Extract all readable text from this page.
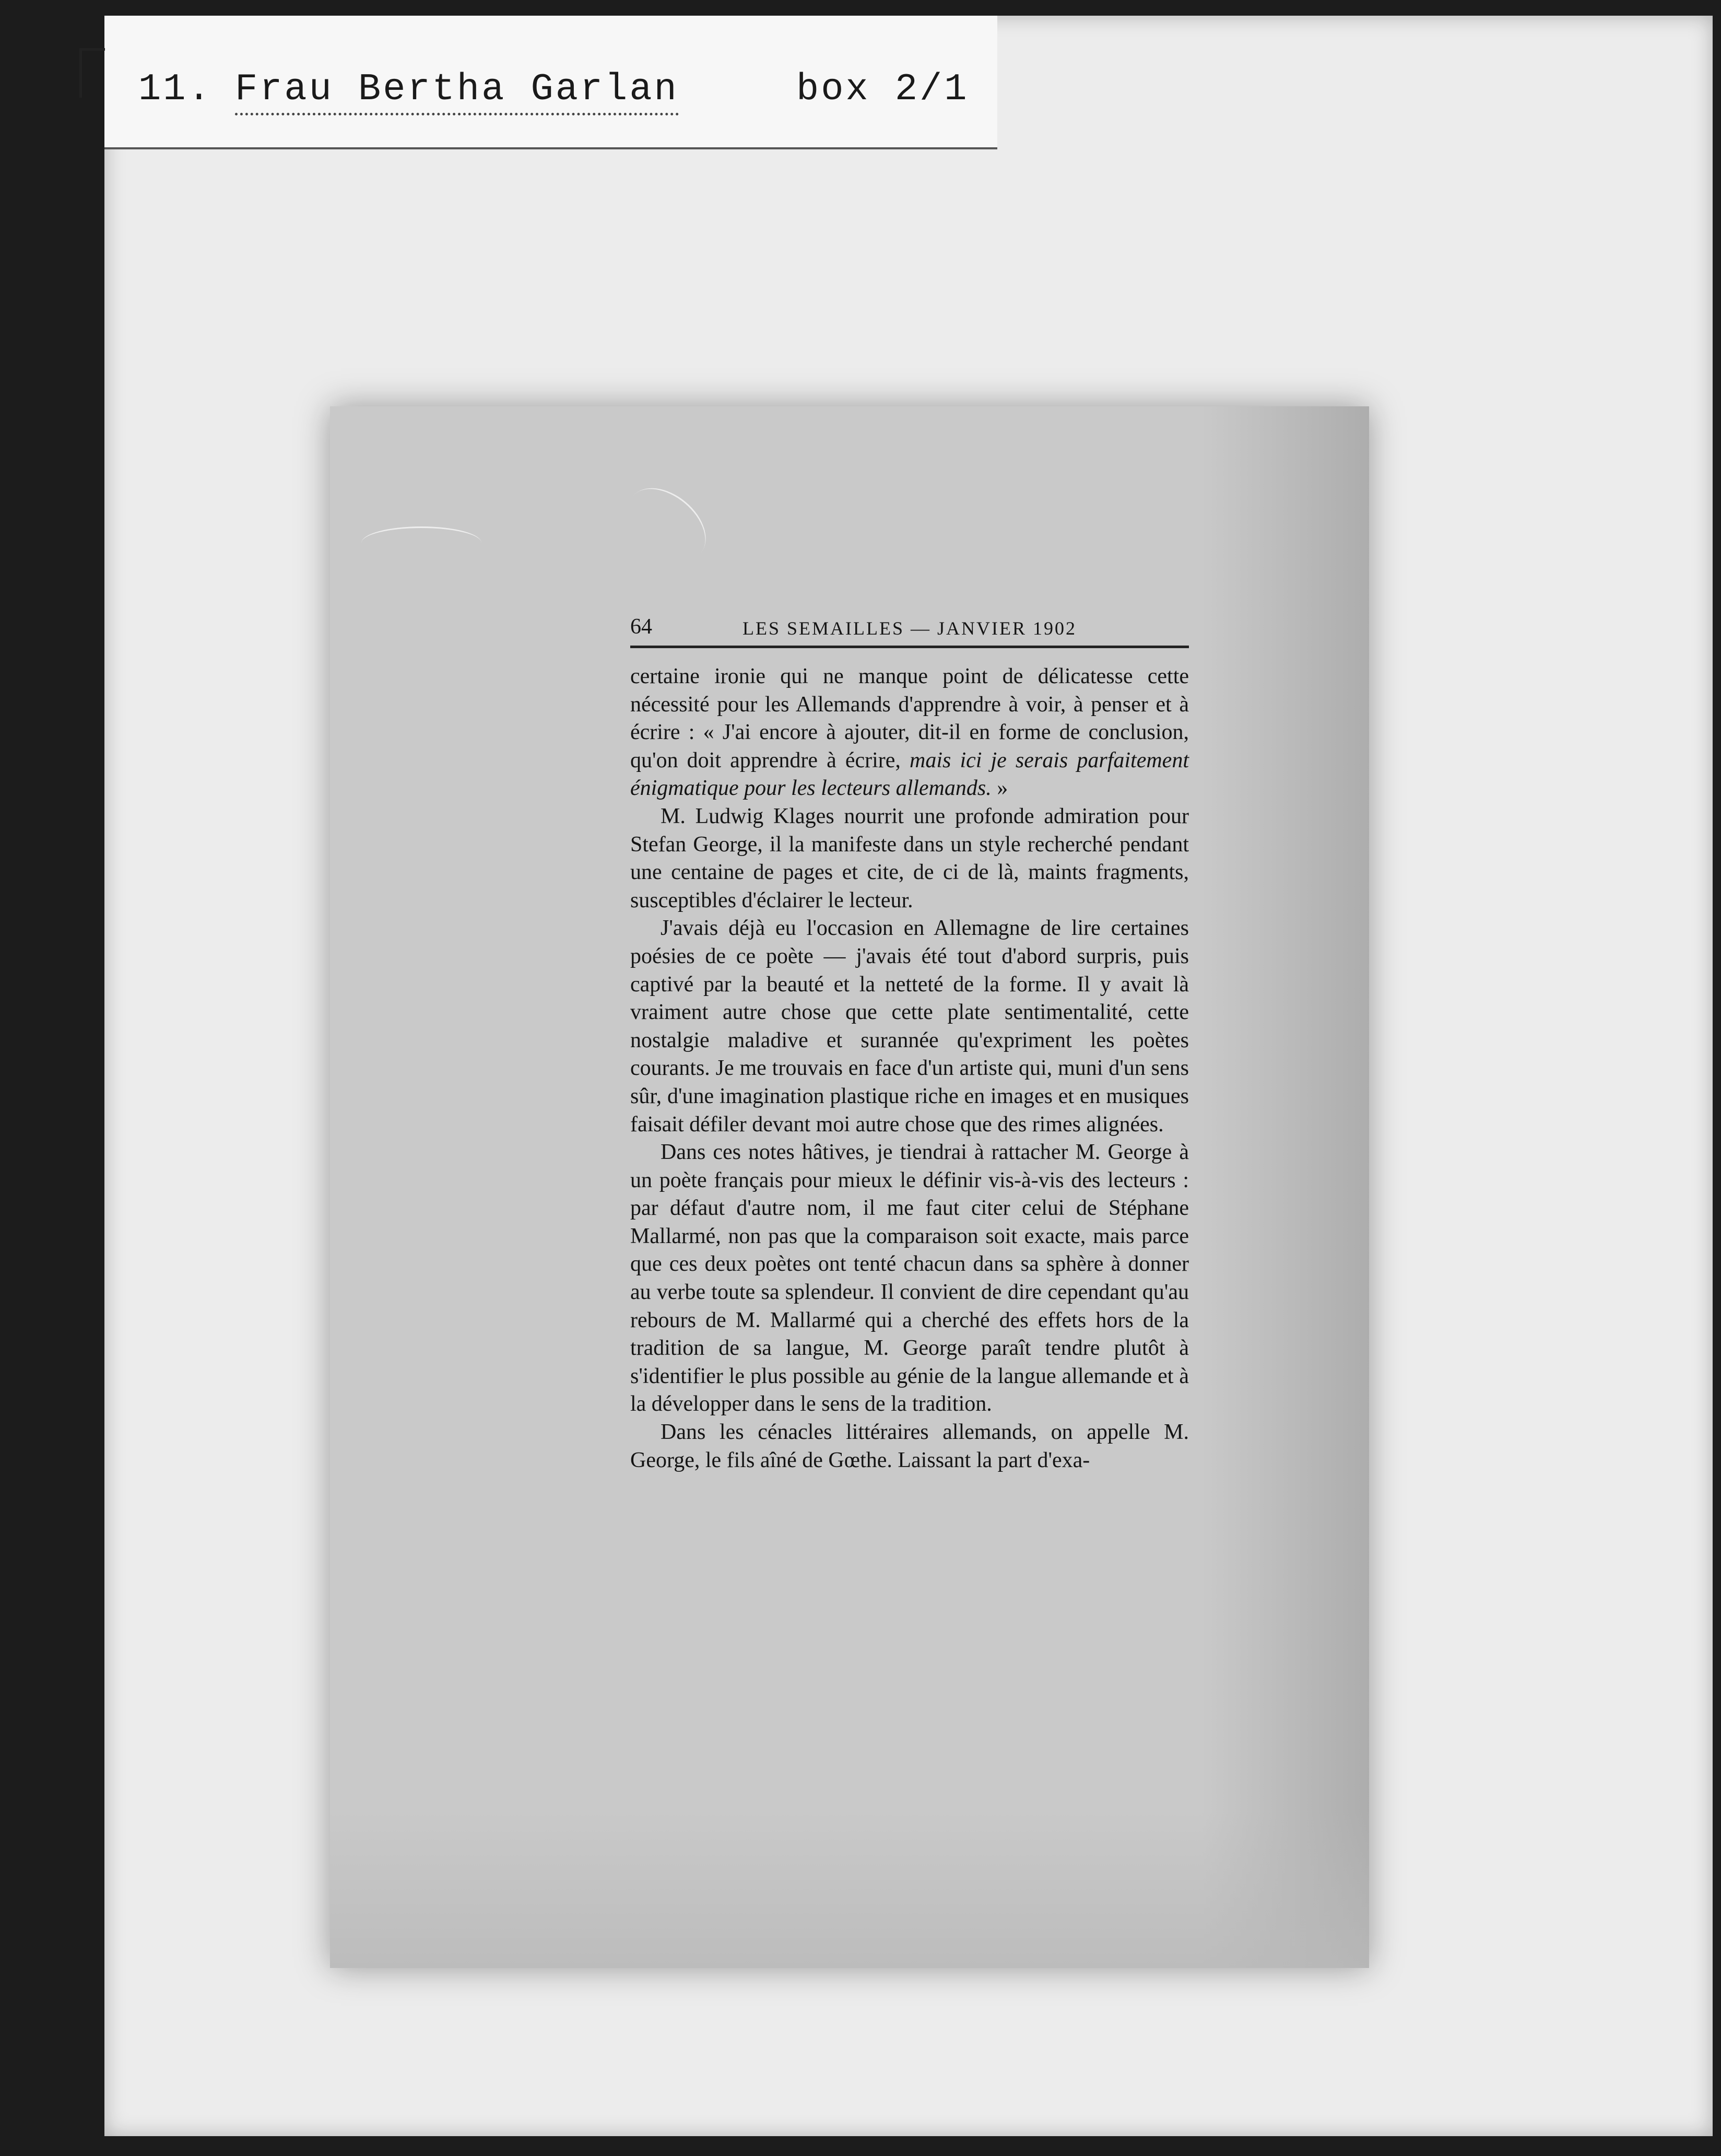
11. Frau Bertha Garlan	box 2/1
64	LES SEMAILLES — JANVIER 1902

certaine ironie qui ne manque point de délicatesse cette nécessité pour les Allemands d'apprendre à voir, à penser et à écrire : « J'ai encore à ajouter, dit-il en forme de conclusion, qu'on doit apprendre à écrire, mais ici je serais parfaitement énigmatique pour les lecteurs allemands. »

M. Ludwig Klages nourrit une profonde admiration pour Stefan George, il la manifeste dans un style recherché pendant une centaine de pages et cite, de ci de là, maints fragments, susceptibles d'éclairer le lecteur.

J'avais déjà eu l'occasion en Allemagne de lire certaines poésies de ce poète — j'avais été tout d'abord surpris, puis captivé par la beauté et la netteté de la forme. Il y avait là vraiment autre chose que cette plate sentimentalité, cette nostalgie maladive et surannée qu'expriment les poètes courants. Je me trouvais en face d'un artiste qui, muni d'un sens sûr, d'une imagination plastique riche en images et en musiques faisait défiler devant moi autre chose que des rimes alignées.

Dans ces notes hâtives, je tiendrai à rattacher M. George à un poète français pour mieux le définir vis-à-vis des lecteurs : par défaut d'autre nom, il me faut citer celui de Stéphane Mallarmé, non pas que la comparaison soit exacte, mais parce que ces deux poètes ont tenté chacun dans sa sphère à donner au verbe toute sa splendeur. Il convient de dire cependant qu'au rebours de M. Mallarmé qui a cherché des effets hors de la tradition de sa langue, M. George paraît tendre plutôt à s'identifier le plus possible au génie de la langue allemande et à la développer dans le sens de la tradition.

Dans les cénacles littéraires allemands, on appelle M. George, le fils aîné de Gœthe. Laissant la part d'exa-
